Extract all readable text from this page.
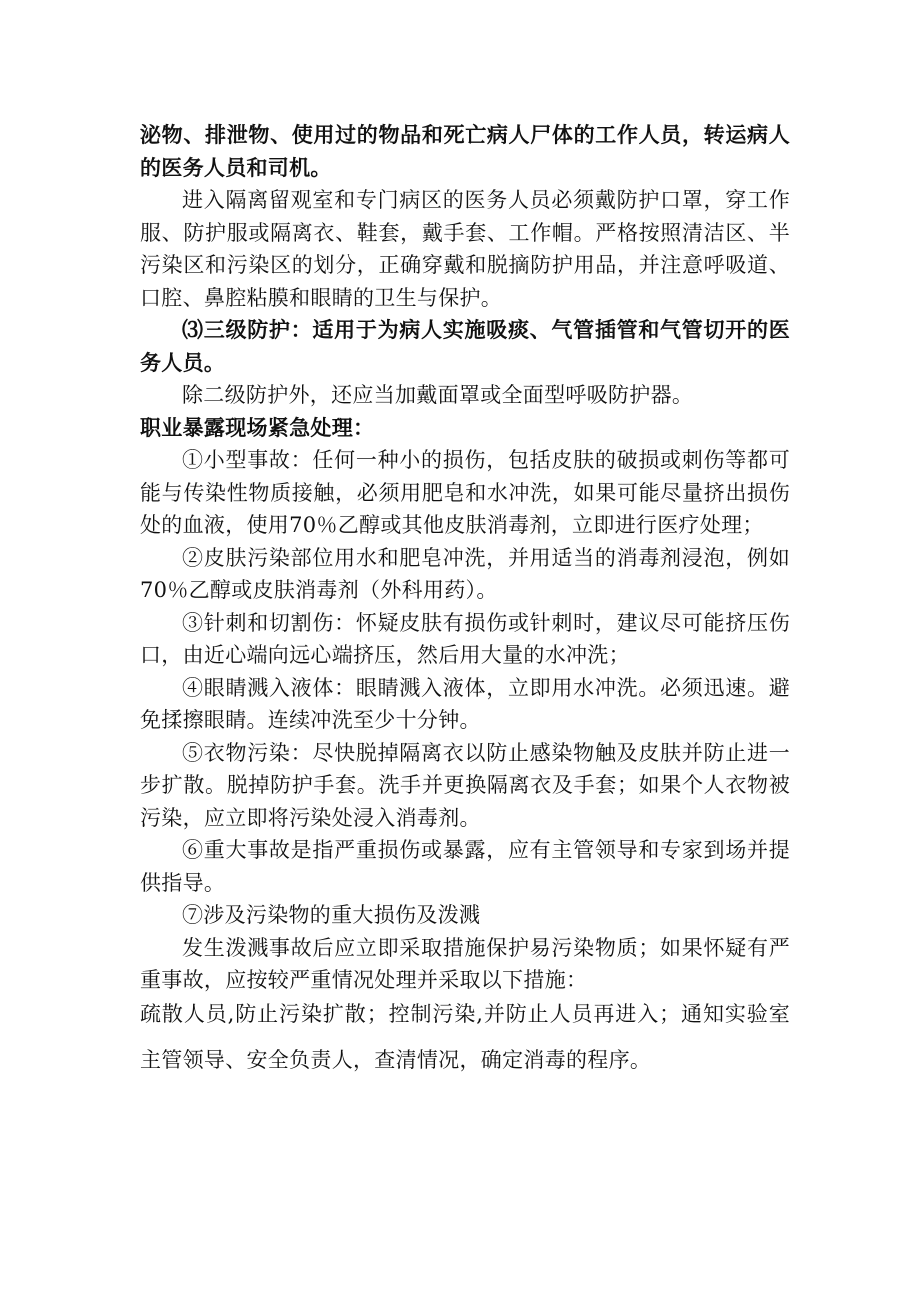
泌物、排泄物、使用过的物品和死亡病人尸体的工作人员，转运病人的医务人员和司机。

进入隔离留观室和专门病区的医务人员必须戴防护口罩，穿工作服、防护服或隔离衣、鞋套，戴手套、工作帽。严格按照清洁区、半污染区和污染区的划分，正确穿戴和脱摘防护用品，并注意呼吸道、口腔、鼻腔粘膜和眼睛的卫生与保护。

⑶三级防护：适用于为病人实施吸痰、气管插管和气管切开的医务人员。

除二级防护外，还应当加戴面罩或全面型呼吸防护器。

职业暴露现场紧急处理：

①小型事故：任何一种小的损伤，包括皮肤的破损或刺伤等都可能与传染性物质接触，必须用肥皂和水冲洗，如果可能尽量挤出损伤处的血液，使用70％乙醇或其他皮肤消毒剂，立即进行医疗处理；

②皮肤污染部位用水和肥皂冲洗，并用适当的消毒剂浸泡，例如70％乙醇或皮肤消毒剂（外科用药）。

③针刺和切割伤：怀疑皮肤有损伤或针刺时，建议尽可能挤压伤口，由近心端向远心端挤压，然后用大量的水冲洗；

④眼睛溅入液体：眼睛溅入液体，立即用水冲洗。必须迅速。避免揉擦眼睛。连续冲洗至少十分钟。

⑤衣物污染：尽快脱掉隔离衣以防止感染物触及皮肤并防止进一步扩散。脱掉防护手套。洗手并更换隔离衣及手套；如果个人衣物被污染，应立即将污染处浸入消毒剂。

⑥重大事故是指严重损伤或暴露，应有主管领导和专家到场并提供指导。

⑦涉及污染物的重大损伤及泼溅

发生泼溅事故后应立即采取措施保护易污染物质；如果怀疑有严重事故，应按较严重情况处理并采取以下措施：

疏散人员,防止污染扩散；控制污染,并防止人员再进入；通知实验室主管领导、安全负责人，查清情况，确定消毒的程序。
